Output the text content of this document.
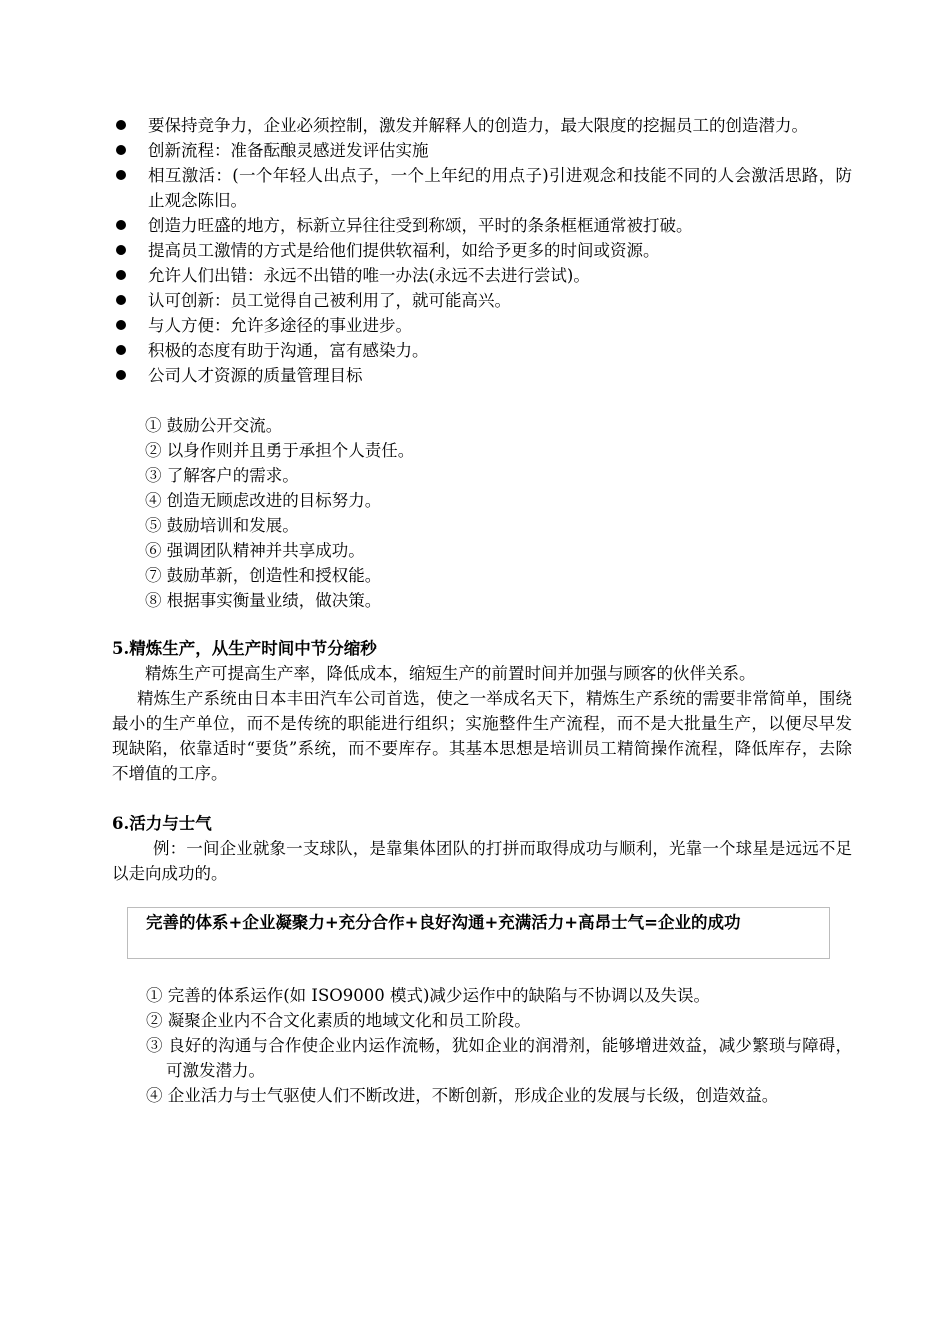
要保持竞争力，企业必须控制，激发并解释人的创造力，最大限度的挖掘员工的创造潜力。
创新流程：准备酝酿灵感迸发评估实施
相互激活：(一个年轻人出点子，一个上年纪的用点子)引进观念和技能不同的人会激活思路，防止观念陈旧。
创造力旺盛的地方，标新立异往往受到称颂，平时的条条框框通常被打破。
提高员工激情的方式是给他们提供软福利，如给予更多的时间或资源。
允许人们出错：永远不出错的唯一办法(永远不去进行尝试)。
认可创新：员工觉得自己被利用了，就可能高兴。
与人方便：允许多途径的事业进步。
积极的态度有助于沟通，富有感染力。
公司人才资源的质量管理目标
① 鼓励公开交流。
② 以身作则并且勇于承担个人责任。
③ 了解客户的需求。
④ 创造无顾虑改进的目标努力。
⑤ 鼓励培训和发展。
⑥ 强调团队精神并共享成功。
⑦ 鼓励革新，创造性和授权能。
⑧ 根据事实衡量业绩，做决策。
5.精炼生产，从生产时间中节分缩秒

精炼生产可提高生产率，降低成本，缩短生产的前置时间并加强与顾客的伙伴关系。

精炼生产系统由日本丰田汽车公司首选，使之一举成名天下，精炼生产系统的需要非常简单，围绕最小的生产单位，而不是传统的职能进行组织；实施整件生产流程，而不是大批量生产，以便尽早发现缺陷，依靠适时“要货”系统，而不要库存。其基本思想是培训员工精简操作流程，降低库存，去除不增值的工序。

6.活力与士气

例：一间企业就象一支球队，是靠集体团队的打拼而取得成功与顺利，光靠一个球星是远远不足以走向成功的。

完善的体系+企业凝聚力+充分合作+良好沟通+充满活力+高昂士气=企业的成功
① 完善的体系运作(如 ISO9000 模式)减少运作中的缺陷与不协调以及失误。
② 凝聚企业内不合文化素质的地域文化和员工阶段。
③ 良好的沟通与合作使企业内运作流畅，犹如企业的润滑剂，能够增进效益，减少繁琐与障碍，可激发潜力。
④ 企业活力与士气驱使人们不断改进，不断创新，形成企业的发展与长级，创造效益。
